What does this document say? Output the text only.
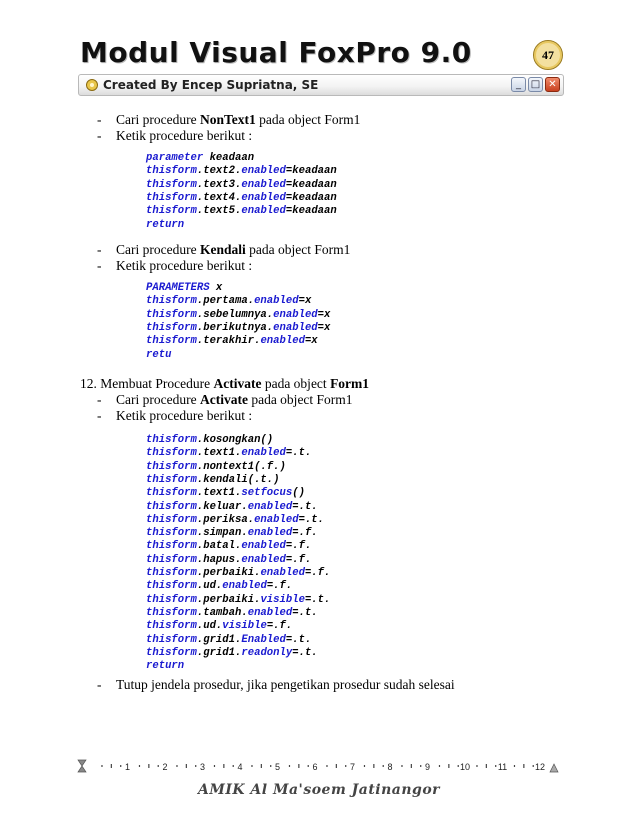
Modul Visual FoxPro 9.0	47
Created By Encep Supriatna, SE	_ □ ✕
- Cari procedure NonText1 pada object Form1
- Ketik procedure berikut :
parameter keadaan
thisform.text2.enabled=keadaan
thisform.text3.enabled=keadaan
thisform.text4.enabled=keadaan
thisform.text5.enabled=keadaan
return
- Cari procedure Kendali pada object Form1
- Ketik procedure berikut :
PARAMETERS x
thisform.pertama.enabled=x
thisform.sebelumnya.enabled=x
thisform.berikutnya.enabled=x
thisform.terakhir.enabled=x
retu
12. Membuat Procedure Activate pada object Form1
- Cari procedure Activate pada object Form1
- Ketik procedure berikut :
thisform.kosongkan()
thisform.text1.enabled=.t.
thisform.nontext1(.f.)
thisform.kendali(.t.)
thisform.text1.setfocus()
thisform.keluar.enabled=.t.
thisform.periksa.enabled=.t.
thisform.simpan.enabled=.f.
thisform.batal.enabled=.f.
thisform.hapus.enabled=.f.
thisform.perbaiki.enabled=.f.
thisform.ud.enabled=.f.
thisform.perbaiki.visible=.t.
thisform.tambah.enabled=.t.
thisform.ud.visible=.f.
thisform.grid1.Enabled=.t.
thisform.grid1.readonly=.t.
return
- Tutup jendela prosedur, jika pengetikan prosedur sudah selesai
1	2	3	4	5	6	7	8	9	10	11	12
AMIK Al Ma'soem Jatinangor
